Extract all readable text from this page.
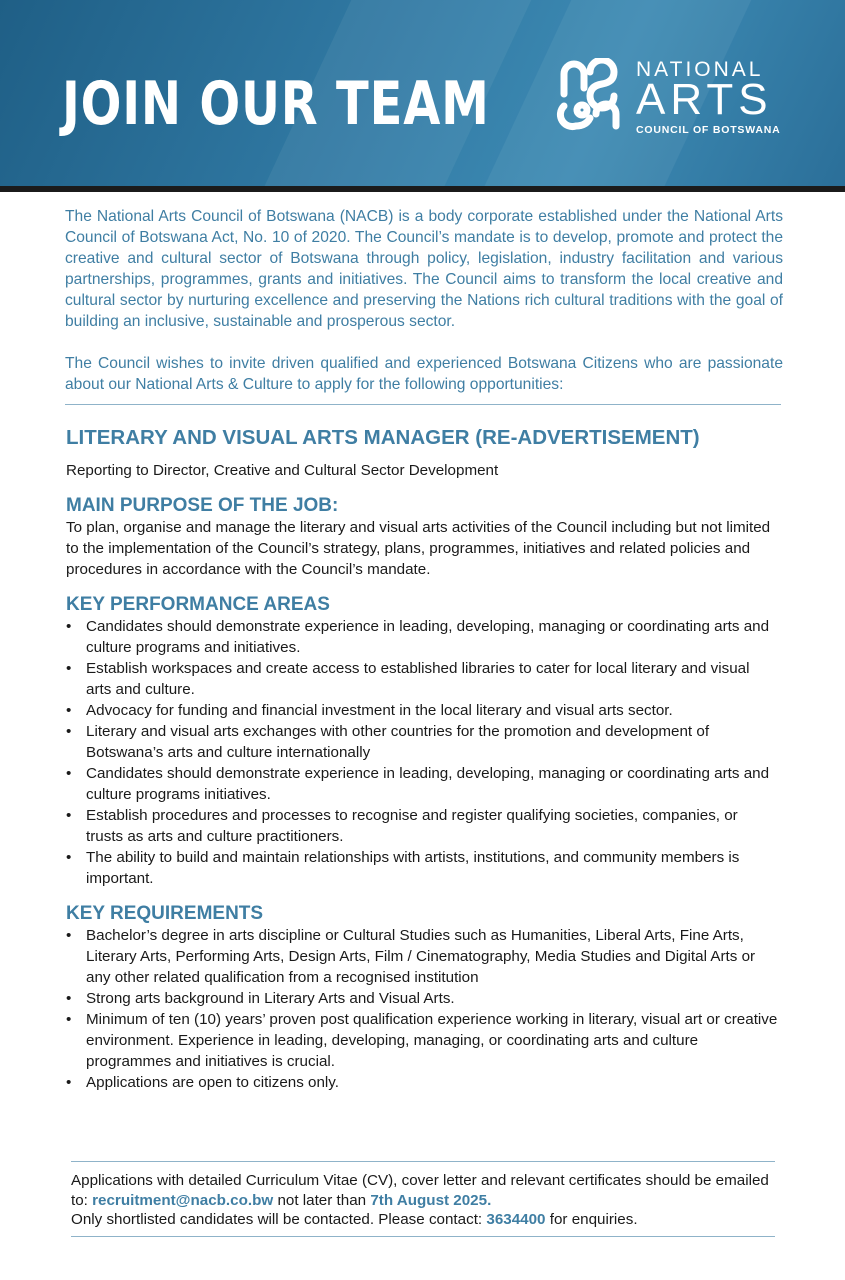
JOIN OUR TEAM	NATIONAL
ARTS
COUNCIL OF BOTSWANA

The National Arts Council of Botswana (NACB) is a body corporate established under the National Arts Council of Botswana Act, No. 10 of 2020. The Council’s mandate is to develop, promote and protect the creative and cultural sector of Botswana through policy, legislation, industry facilitation and various partnerships, programmes, grants and initiatives. The Council aims to transform the local creative and cultural sector by nurturing excellence and preserving the Nations rich cultural traditions with the goal of building an inclusive, sustainable and prosperous sector.

The Council wishes to invite driven qualified and experienced Botswana Citizens who are passionate about our National Arts & Culture to apply for the following opportunities:

LITERARY AND VISUAL ARTS MANAGER (RE-ADVERTISEMENT)
Reporting to Director, Creative and Cultural Sector Development
MAIN PURPOSE OF THE JOB:
To plan, organise and manage the literary and visual arts activities of the Council including but not limited to the implementation of the Council’s strategy, plans, programmes, initiatives and related policies and procedures in accordance with the Council’s mandate.
KEY PERFORMANCE AREAS
• Candidates should demonstrate experience in leading, developing, managing or coordinating arts and culture programs and initiatives.
• Establish workspaces and create access to established libraries to cater for local literary and visual arts and culture.
• Advocacy for funding and financial investment in the local literary and visual arts sector.
• Literary and visual arts exchanges with other countries for the promotion and development of Botswana’s arts and culture internationally
• Candidates should demonstrate experience in leading, developing, managing or coordinating arts and culture programs initiatives.
• Establish procedures and processes to recognise and register qualifying societies, companies, or trusts as arts and culture practitioners.
• The ability to build and maintain relationships with artists, institutions, and community members is important.
KEY REQUIREMENTS
• Bachelor’s degree in arts discipline or Cultural Studies such as Humanities, Liberal Arts, Fine Arts, Literary Arts, Performing Arts, Design Arts, Film / Cinematography, Media Studies and Digital Arts or any other related qualification from a recognised institution
• Strong arts background in Literary Arts and Visual Arts.
• Minimum of ten (10) years’ proven post qualification experience working in literary, visual art or creative environment. Experience in leading, developing, managing, or coordinating arts and culture programmes and initiatives is crucial.
• Applications are open to citizens only.
Applications with detailed Curriculum Vitae (CV), cover letter and relevant certificates should be emailed to: recruitment@nacb.co.bw not later than 7th August 2025.
Only shortlisted candidates will be contacted. Please contact: 3634400 for enquiries.
